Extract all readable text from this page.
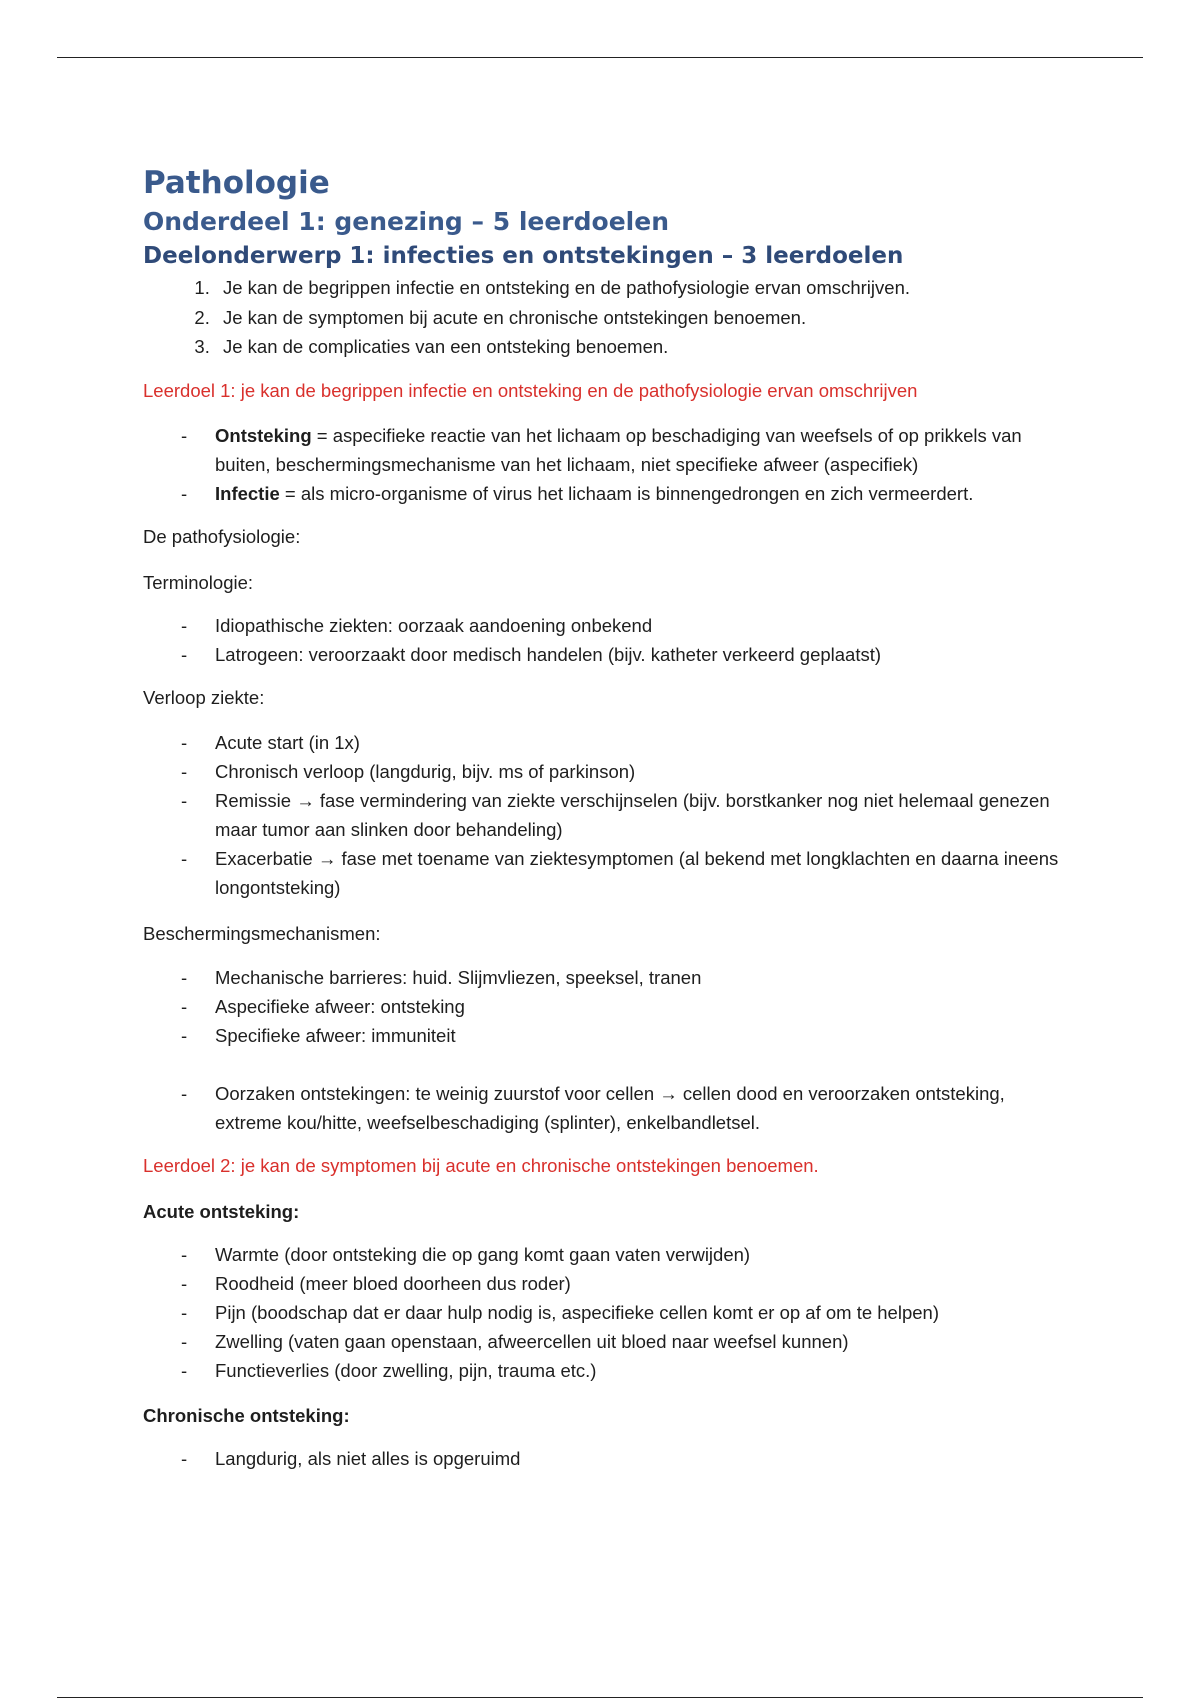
Pathologie
Onderdeel 1: genezing – 5 leerdoelen
Deelonderwerp 1: infecties en ontstekingen – 3 leerdoelen
1. Je kan de begrippen infectie en ontsteking en de pathofysiologie ervan omschrijven.
2. Je kan de symptomen bij acute en chronische ontstekingen benoemen.
3. Je kan de complicaties van een ontsteking benoemen.

Leerdoel 1: je kan de begrippen infectie en ontsteking en de pathofysiologie ervan omschrijven

- Ontsteking = aspecifieke reactie van het lichaam op beschadiging van weefsels of op prikkels van buiten, beschermingsmechanisme van het lichaam, niet specifieke afweer (aspecifiek)
- Infectie = als micro-organisme of virus het lichaam is binnengedrongen en zich vermeerdert.

De pathofysiologie:

Terminologie:

- Idiopathische ziekten: oorzaak aandoening onbekend
- Latrogeen: veroorzaakt door medisch handelen (bijv. katheter verkeerd geplaatst)

Verloop ziekte:

- Acute start (in 1x)
- Chronisch verloop (langdurig, bijv. ms of parkinson)
- Remissie → fase vermindering van ziekte verschijnselen (bijv. borstkanker nog niet helemaal genezen maar tumor aan slinken door behandeling)
- Exacerbatie → fase met toename van ziektesymptomen (al bekend met longklachten en daarna ineens longontsteking)

Beschermingsmechanismen:

- Mechanische barrieres: huid. Slijmvliezen, speeksel, tranen
- Aspecifieke afweer: ontsteking
- Specifieke afweer: immuniteit
- Oorzaken ontstekingen: te weinig zuurstof voor cellen → cellen dood en veroorzaken ontsteking, extreme kou/hitte, weefselbeschadiging (splinter), enkelbandletsel.

Leerdoel 2: je kan de symptomen bij acute en chronische ontstekingen benoemen.

Acute ontsteking:

- Warmte (door ontsteking die op gang komt gaan vaten verwijden)
- Roodheid (meer bloed doorheen dus roder)
- Pijn (boodschap dat er daar hulp nodig is, aspecifieke cellen komt er op af om te helpen)
- Zwelling (vaten gaan openstaan, afweercellen uit bloed naar weefsel kunnen)
- Functieverlies (door zwelling, pijn, trauma etc.)

Chronische ontsteking:

- Langdurig, als niet alles is opgeruimd
